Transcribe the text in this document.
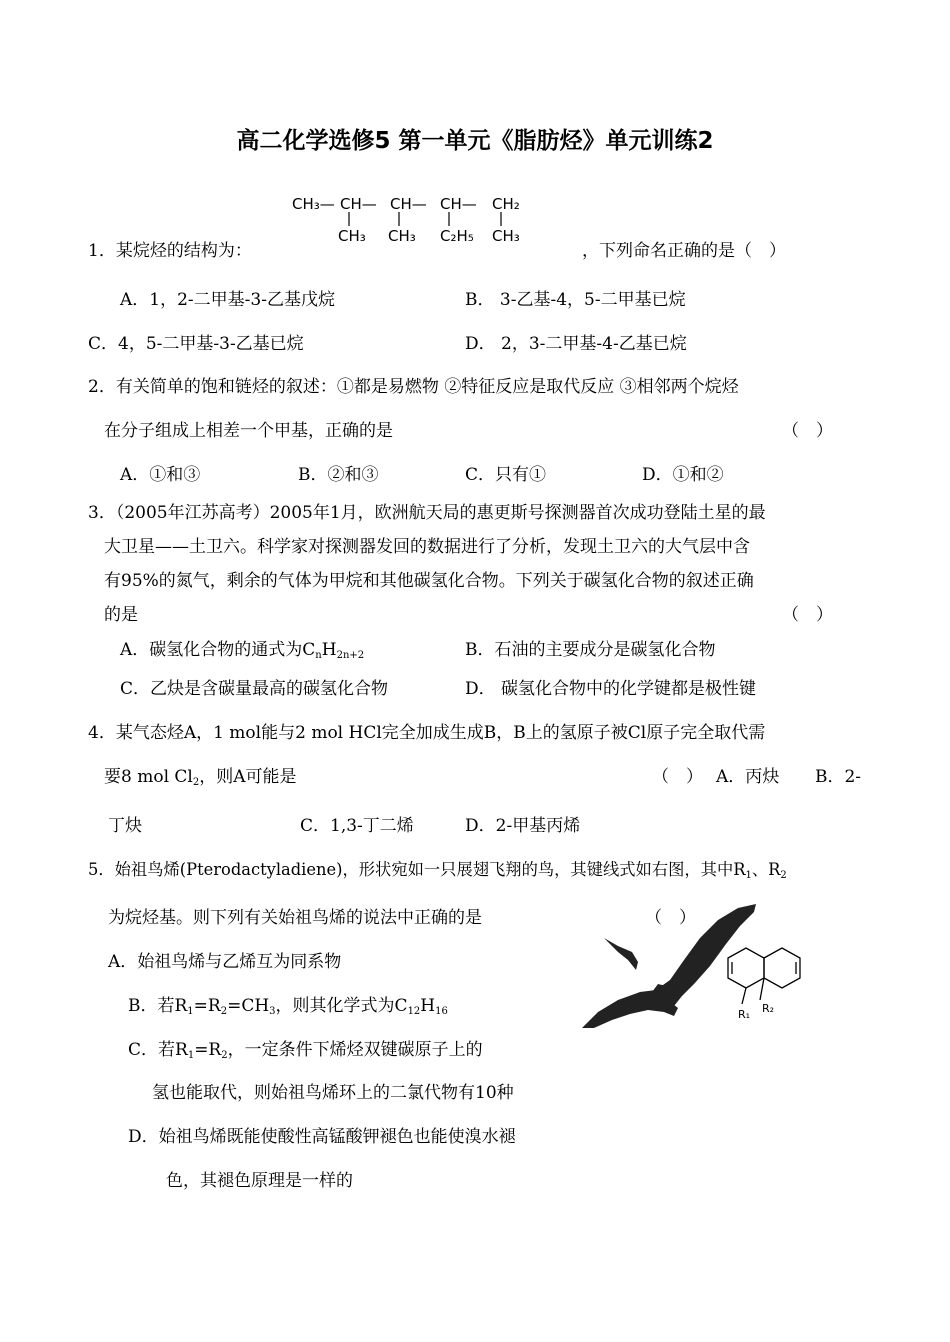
高二化学选修5 第一单元《脂肪烃》单元训练2
CH₃— CH— CH— CH— CH₂
CH₃ CH₃ C₂H₅ CH₃
1．某烷烃的结构为：	，下列命名正确的是（　）
A．1，2-二甲基-3-乙基戊烷	B． 3-乙基-4，5-二甲基已烷
C．4，5-二甲基-3-乙基已烷	D． 2，3-二甲基-4-乙基已烷
2．有关简单的饱和链烃的叙述：①都是易燃物 ②特征反应是取代反应 ③相邻两个烷烃
在分子组成上相差一个甲基，正确的是	（　）
A．①和③	B．②和③	C．只有①	D．①和②
3．（2005年江苏高考）2005年1月，欧洲航天局的惠更斯号探测器首次成功登陆土星的最
大卫星——土卫六。科学家对探测器发回的数据进行了分析，发现土卫六的大气层中含
有95%的氮气，剩余的气体为甲烷和其他碳氢化合物。下列关于碳氢化合物的叙述正确
的是	（　）
A．碳氢化合物的通式为$C_nH_{2n+2}$	B．石油的主要成分是碳氢化合物
C．乙炔是含碳量最高的碳氢化合物	D． 碳氢化合物中的化学键都是极性键
4．某气态烃A，1 mol能与2 mol HCl完全加成生成B，B上的氢原子被Cl原子完全取代需
要8 mol $Cl_2$，则A可能是	（　） A．丙炔 B．2-
丁炔	C．1,3-丁二烯	D．2-甲基丙烯
5．始祖鸟烯(Pterodactyladiene)，形状宛如一只展翅飞翔的鸟，其键线式如右图，其中$R_1$、$R_2$
为烷烃基。则下列有关始祖鸟烯的说法中正确的是	（　）
A．始祖鸟烯与乙烯互为同系物
B．若$R_1=R_2=CH_3$，则其化学式为$C_{12}H_{16}$
C．若$R_1=R_2$，一定条件下烯烃双键碳原子上的
氢也能取代，则始祖鸟烯环上的二氯代物有10种
D．始祖鸟烯既能使酸性高锰酸钾褪色也能使溴水褪
色，其褪色原理是一样的
R₂
R₁
